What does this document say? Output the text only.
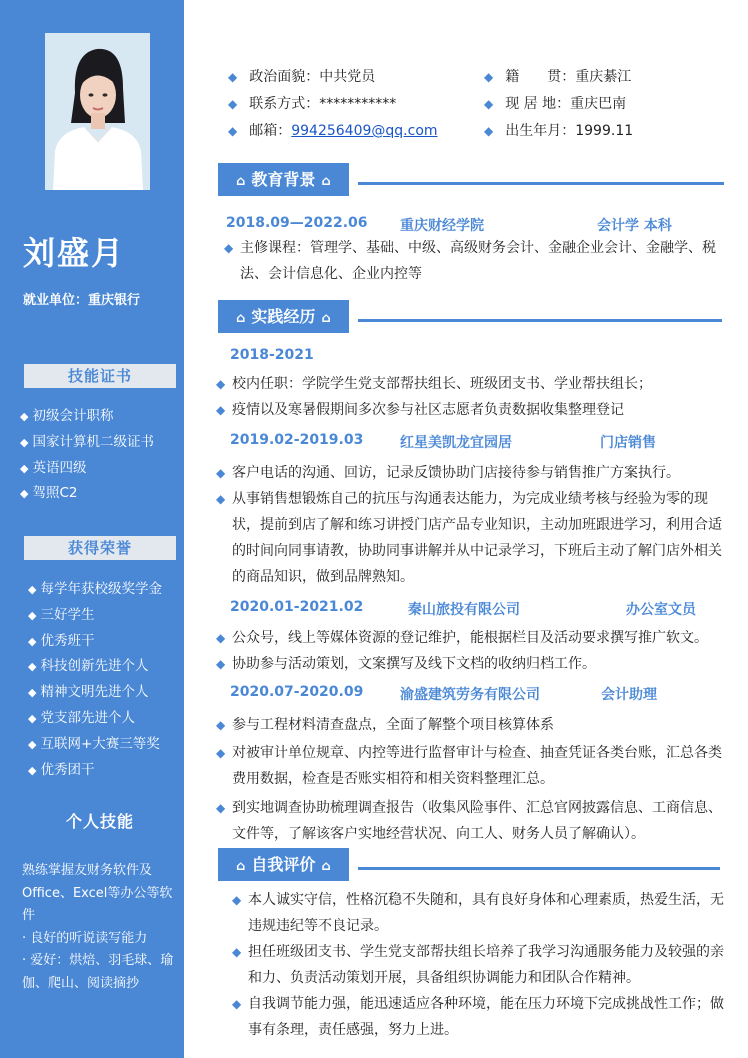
刘盛月
就业单位：重庆银行
技能证书
◆ 初级会计职称
◆ 国家计算机二级证书
◆ 英语四级
◆ 驾照C2
获得荣誉
◆ 每学年获校级奖学金
◆ 三好学生
◆ 优秀班干
◆ 科技创新先进个人
◆ 精神文明先进个人
◆ 党支部先进个人
◆ 互联网+大赛三等奖
◆ 优秀团干
个人技能

熟练掌握友财务软件及Office、Excel等办公等软件

· 良好的听说读写能力

· 爱好：烘焙、羽毛球、瑜伽、爬山、阅读摘抄

◆ 政治面貌：中共党员	◆ 籍　　贯：重庆綦江
◆ 联系方式：***********	◆ 现 居 地：重庆巴南
◆ 邮箱：994256409@qq.com	◆ 出生年月：1999.11
⌂ 教育背景 ⌂
2018.09—2022.06 重庆财经学院	会计学 本科
◆ 主修课程：管理学、基础、中级、高级财务会计、金融企业会计、金融学、税法、会计信息化、企业内控等
⌂ 实践经历 ⌂
2018-2021
◆ 校内任职：学院学生党支部帮扶组长、班级团支书、学业帮扶组长；
◆ 疫情以及寒暑假期间多次参与社区志愿者负责数据收集整理登记
2019.02-2019.03	红星美凯龙宜园居	门店销售
◆ 客户电话的沟通、回访，记录反馈协助门店接待参与销售推广方案执行。
◆ 从事销售想锻炼自己的抗压与沟通表达能力，为完成业绩考核与经验为零的现状，提前到店了解和练习讲授门店产品专业知识，主动加班跟进学习，利用合适的时间向同事请教，协助同事讲解并从中记录学习，下班后主动了解门店外相关的商品知识，做到品牌熟知。
2020.01-2021.02	秦山旅投有限公司	办公室文员
◆ 公众号，线上等媒体资源的登记维护，能根据栏目及活动要求撰写推广软文。
◆ 协助参与活动策划，文案撰写及线下文档的收纳归档工作。
2020.07-2020.09	渝盛建筑劳务有限公司	会计助理
◆ 参与工程材料清查盘点，全面了解整个项目核算体系
◆ 对被审计单位规章、内控等进行监督审计与检查、抽查凭证各类台账，汇总各类费用数据，检查是否账实相符和相关资料整理汇总。
◆ 到实地调查协助梳理调查报告（收集风险事件、汇总官网披露信息、工商信息、 文件等，了解该客户实地经营状况、向工人、财务人员了解确认）。
⌂ 自我评价 ⌂
◆ 本人诚实守信，性格沉稳不失随和，具有良好身体和心理素质，热爱生活，无违规违纪等不良记录。
◆ 担任班级团支书、学生党支部帮扶组长培养了我学习沟通服务能力及较强的亲和力、负责活动策划开展，具备组织协调能力和团队合作精神。
◆ 自我调节能力强，能迅速适应各种环境，能在压力环境下完成挑战性工作；做事有条理，责任感强，努力上进。
